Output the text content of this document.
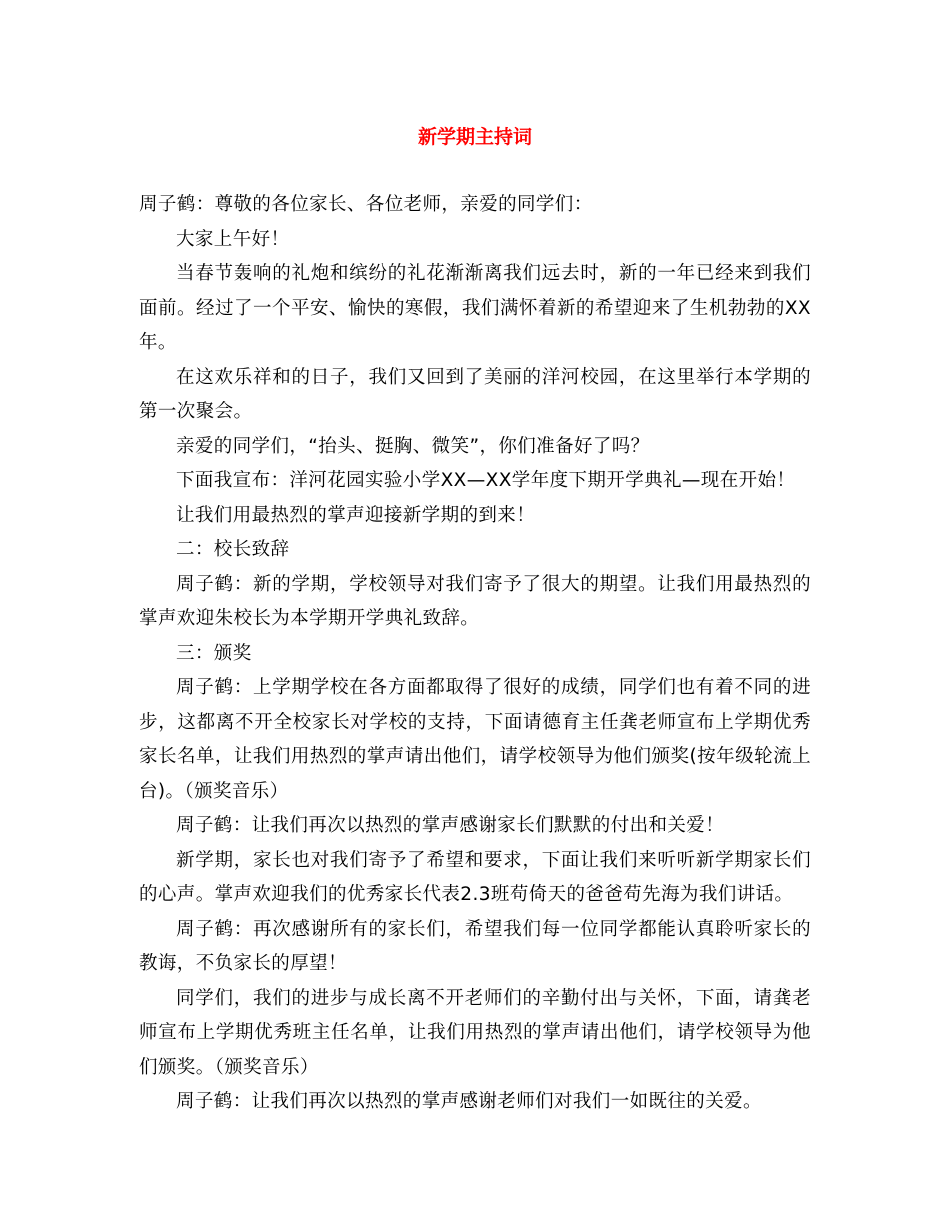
新学期主持词

周子鹤：尊敬的各位家长、各位老师，亲爱的同学们：

大家上午好！

当春节轰响的礼炮和缤纷的礼花渐渐离我们远去时，新的一年已经来到我们面前。经过了一个平安、愉快的寒假，我们满怀着新的希望迎来了生机勃勃的XX年。

在这欢乐祥和的日子，我们又回到了美丽的洋河校园，在这里举行本学期的第一次聚会。

亲爱的同学们，“抬头、挺胸、微笑”，你们准备好了吗？

下面我宣布：洋河花园实验小学XX—XX学年度下期开学典礼—现在开始！

让我们用最热烈的掌声迎接新学期的到来！

二：校长致辞

周子鹤：新的学期，学校领导对我们寄予了很大的期望。让我们用最热烈的掌声欢迎朱校长为本学期开学典礼致辞。

三：颁奖

周子鹤：上学期学校在各方面都取得了很好的成绩，同学们也有着不同的进步，这都离不开全校家长对学校的支持，下面请德育主任龚老师宣布上学期优秀家长名单，让我们用热烈的掌声请出他们，请学校领导为他们颁奖(按年级轮流上台)。（颁奖音乐）

周子鹤：让我们再次以热烈的掌声感谢家长们默默的付出和关爱！

新学期，家长也对我们寄予了希望和要求，下面让我们来听听新学期家长们的心声。掌声欢迎我们的优秀家长代表2.3班苟倚天的爸爸苟先海为我们讲话。

周子鹤：再次感谢所有的家长们，希望我们每一位同学都能认真聆听家长的教诲，不负家长的厚望！

同学们，我们的进步与成长离不开老师们的辛勤付出与关怀，下面，请龚老师宣布上学期优秀班主任名单，让我们用热烈的掌声请出他们，请学校领导为他们颁奖。（颁奖音乐）

周子鹤：让我们再次以热烈的掌声感谢老师们对我们一如既往的关爱。
